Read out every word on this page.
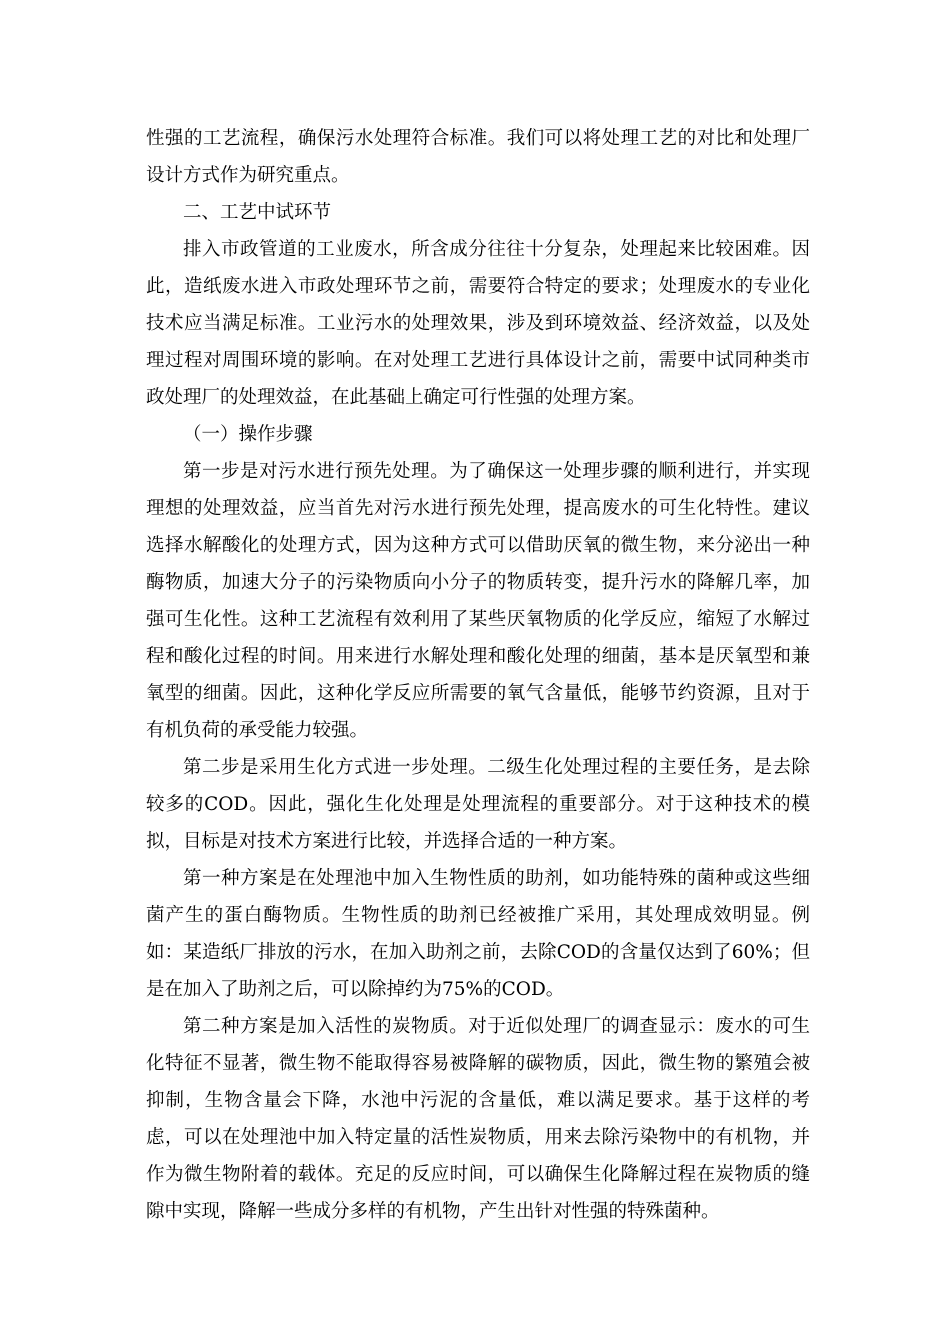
性强的工艺流程，确保污水处理符合标准。我们可以将处理工艺的对比和处理厂设计方式作为研究重点。

二、工艺中试环节

排入市政管道的工业废水，所含成分往往十分复杂，处理起来比较困难。因此，造纸废水进入市政处理环节之前，需要符合特定的要求；处理废水的专业化技术应当满足标准。工业污水的处理效果，涉及到环境效益、经济效益，以及处理过程对周围环境的影响。在对处理工艺进行具体设计之前，需要中试同种类市政处理厂的处理效益，在此基础上确定可行性强的处理方案。

（一）操作步骤

第一步是对污水进行预先处理。为了确保这一处理步骤的顺利进行，并实现理想的处理效益，应当首先对污水进行预先处理，提高废水的可生化特性。建议选择水解酸化的处理方式，因为这种方式可以借助厌氧的微生物，来分泌出一种酶物质，加速大分子的污染物质向小分子的物质转变，提升污水的降解几率，加强可生化性。这种工艺流程有效利用了某些厌氧物质的化学反应，缩短了水解过程和酸化过程的时间。用来进行水解处理和酸化处理的细菌，基本是厌氧型和兼氧型的细菌。因此，这种化学反应所需要的氧气含量低，能够节约资源，且对于有机负荷的承受能力较强。

第二步是采用生化方式进一步处理。二级生化处理过程的主要任务，是去除较多的COD。因此，强化生化处理是处理流程的重要部分。对于这种技术的模拟，目标是对技术方案进行比较，并选择合适的一种方案。

第一种方案是在处理池中加入生物性质的助剂，如功能特殊的菌种或这些细菌产生的蛋白酶物质。生物性质的助剂已经被推广采用，其处理成效明显。例如：某造纸厂排放的污水，在加入助剂之前，去除COD的含量仅达到了60%；但是在加入了助剂之后，可以除掉约为75%的COD。

第二种方案是加入活性的炭物质。对于近似处理厂的调查显示：废水的可生化特征不显著，微生物不能取得容易被降解的碳物质，因此，微生物的繁殖会被抑制，生物含量会下降，水池中污泥的含量低，难以满足要求。基于这样的考虑，可以在处理池中加入特定量的活性炭物质，用来去除污染物中的有机物，并作为微生物附着的载体。充足的反应时间，可以确保生化降解过程在炭物质的缝隙中实现，降解一些成分多样的有机物，产生出针对性强的特殊菌种。
